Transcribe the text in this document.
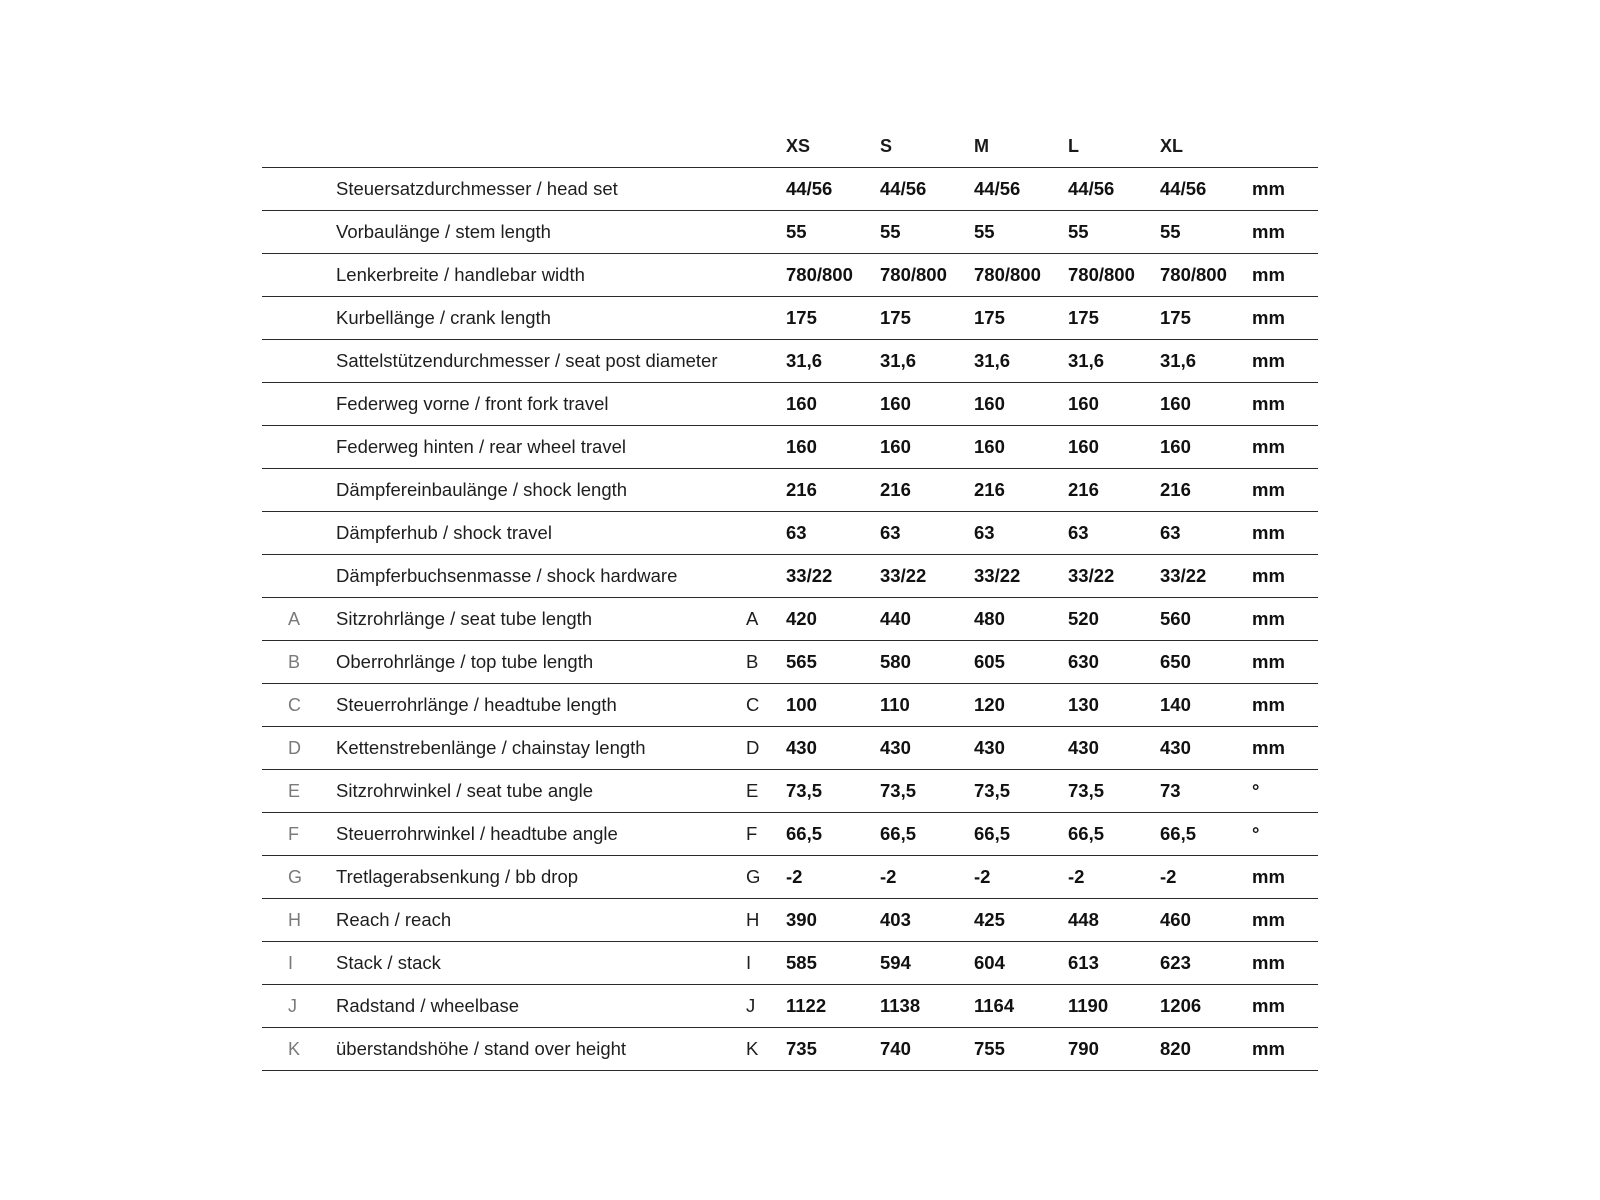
			XS	S	M	L	XL	
	Steuersatzdurchmesser / head set		44/56	44/56	44/56	44/56	44/56	mm
	Vorbaulänge / stem length		55	55	55	55	55	mm
	Lenkerbreite / handlebar width		780/800	780/800	780/800	780/800	780/800	mm
	Kurbellänge / crank length		175	175	175	175	175	mm
	Sattelstützendurchmesser / seat post diameter		31,6	31,6	31,6	31,6	31,6	mm
	Federweg vorne / front fork travel		160	160	160	160	160	mm
	Federweg hinten / rear wheel travel		160	160	160	160	160	mm
	Dämpfereinbaulänge / shock length		216	216	216	216	216	mm
	Dämpferhub / shock travel		63	63	63	63	63	mm
	Dämpferbuchsenmasse / shock hardware		33/22	33/22	33/22	33/22	33/22	mm
A	Sitzrohrlänge / seat tube length	A	420	440	480	520	560	mm
B	Oberrohrlänge / top tube length	B	565	580	605	630	650	mm
C	Steuerrohrlänge / headtube length	C	100	110	120	130	140	mm
D	Kettenstrebenlänge / chainstay length	D	430	430	430	430	430	mm
E	Sitzrohrwinkel / seat tube angle	E	73,5	73,5	73,5	73,5	73	°
F	Steuerrohrwinkel / headtube angle	F	66,5	66,5	66,5	66,5	66,5	°
G	Tretlagerabsenkung / bb drop	G	-2	-2	-2	-2	-2	mm
H	Reach / reach	H	390	403	425	448	460	mm
I	Stack / stack	I	585	594	604	613	623	mm
J	Radstand / wheelbase	J	1122	1138	1164	1190	1206	mm
K	überstandshöhe / stand over height	K	735	740	755	790	820	mm
